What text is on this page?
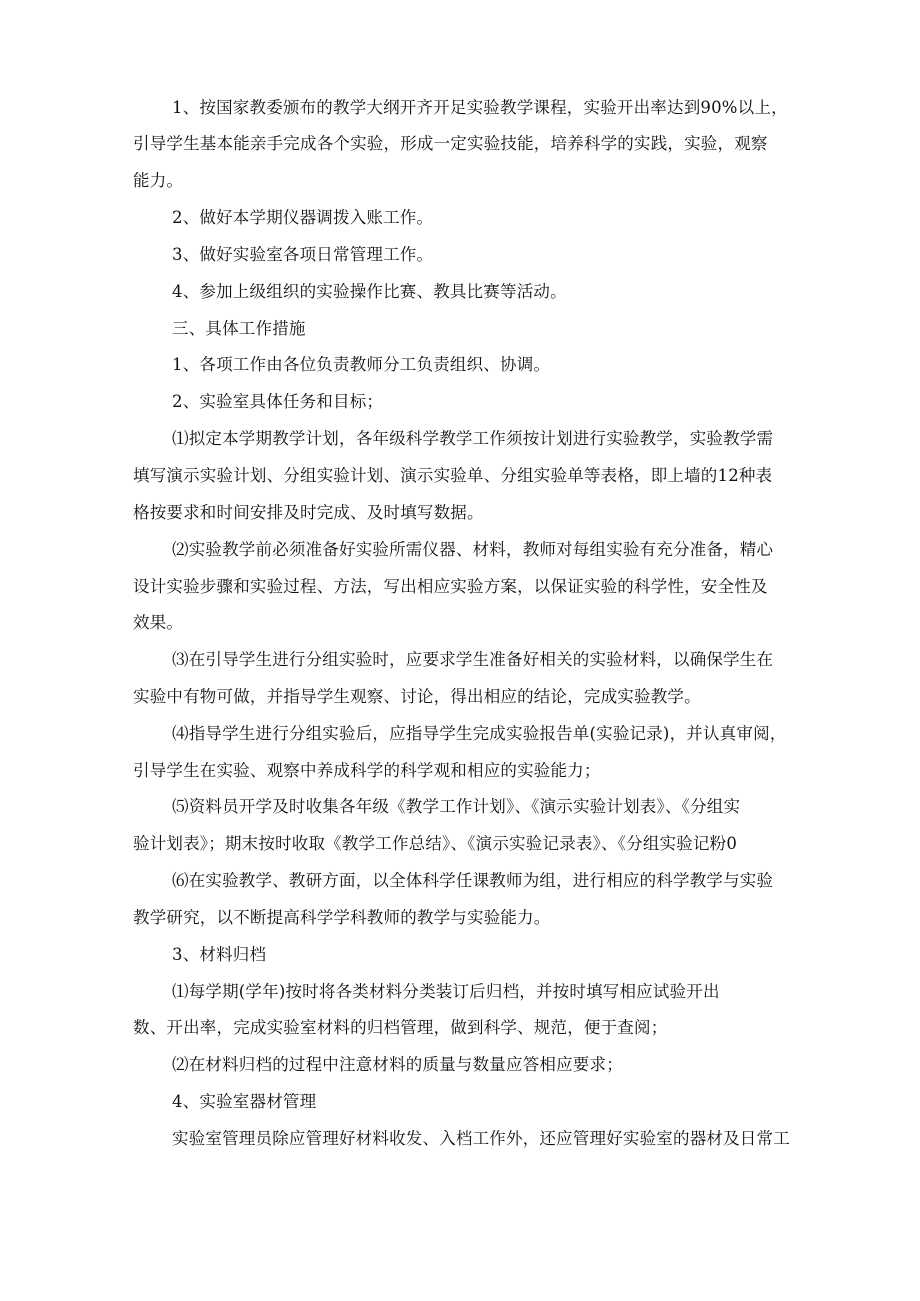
1、按国家教委颁布的教学大纲开齐开足实验教学课程，实验开出率达到90%以上，
引导学生基本能亲手完成各个实验，形成一定实验技能，培养科学的实践，实验，观察
能力。
2、做好本学期仪器调拨入账工作。
3、做好实验室各项日常管理工作。
4、参加上级组织的实验操作比赛、教具比赛等活动。
三、具体工作措施
1、各项工作由各位负责教师分工负责组织、协调。
2、实验室具体任务和目标；
⑴拟定本学期教学计划，各年级科学教学工作须按计划进行实验教学，实验教学需
填写演示实验计划、分组实验计划、演示实验单、分组实验单等表格，即上墙的12种表
格按要求和时间安排及时完成、及时填写数据。
⑵实验教学前必须准备好实验所需仪器、材料，教师对每组实验有充分准备，精心
设计实验步骤和实验过程、方法，写出相应实验方案，以保证实验的科学性，安全性及
效果。
⑶在引导学生进行分组实验时，应要求学生准备好相关的实验材料，以确保学生在
实验中有物可做，并指导学生观察、讨论，得出相应的结论，完成实验教学。
⑷指导学生进行分组实验后，应指导学生完成实验报告单(实验记录)，并认真审阅，
引导学生在实验、观察中养成科学的科学观和相应的实验能力；
⑸资料员开学及时收集各年级《教学工作计划》、《演示实验计划表》、《分组实
验计划表》；期末按时收取《教学工作总结》、《演示实验记录表》、《分组实验记粉0
⑹在实验教学、教研方面，以全体科学任课教师为组，进行相应的科学教学与实验
教学研究，以不断提高科学学科教师的教学与实验能力。
3、材料归档
⑴每学期(学年)按时将各类材料分类装订后归档，并按时填写相应试验开出
数、开出率，完成实验室材料的归档管理，做到科学、规范，便于查阅；
⑵在材料归档的过程中注意材料的质量与数量应答相应要求；
4、实验室器材管理
实验室管理员除应管理好材料收发、入档工作外，还应管理好实验室的器材及日常工
